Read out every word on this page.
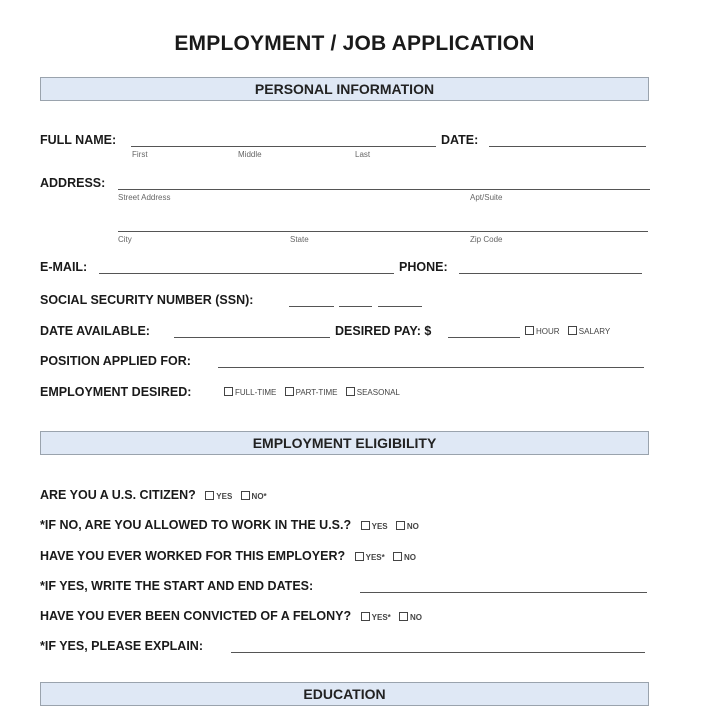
EMPLOYMENT / JOB APPLICATION
PERSONAL INFORMATION
FULL NAME:
First	Middle	Last
DATE:
ADDRESS:
Street Address	Apt/Suite
City	State	Zip Code
E-MAIL:	PHONE:
SOCIAL SECURITY NUMBER (SSN):
DATE AVAILABLE:	DESIRED PAY: $	HOUR SALARY
POSITION APPLIED FOR:
EMPLOYMENT DESIRED:	FULL-TIME PART-TIME SEASONAL
EMPLOYMENT ELIGIBILITY
ARE YOU A U.S. CITIZEN?	YES NO*
*IF NO, ARE YOU ALLOWED TO WORK IN THE U.S.?	YES NO
HAVE YOU EVER WORKED FOR THIS EMPLOYER?	YES* NO
*IF YES, WRITE THE START AND END DATES:
HAVE YOU EVER BEEN CONVICTED OF A FELONY?	YES* NO
*IF YES, PLEASE EXPLAIN:
EDUCATION
